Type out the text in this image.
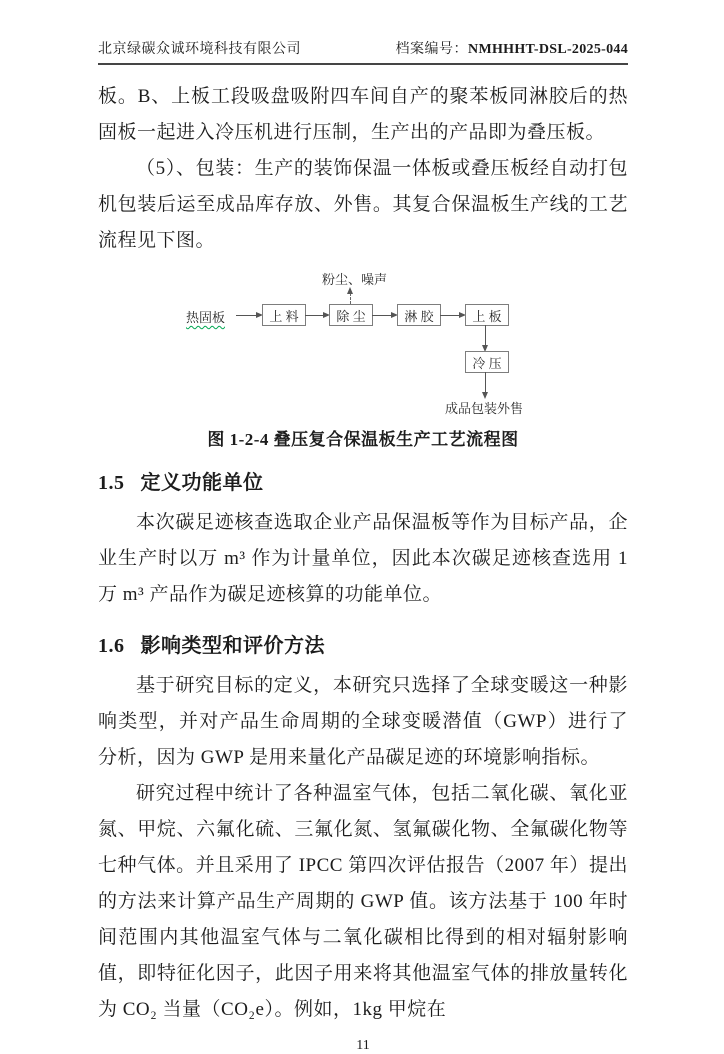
北京绿碳众诚环境科技有限公司	档案编号：NMHHHT-DSL-2025-044

板。B、上板工段吸盘吸附四车间自产的聚苯板同淋胶后的热固板一起进入冷压机进行压制，生产出的产品即为叠压板。

（5）、包装：生产的装饰保温一体板或叠压板经自动打包机包装后运至成品库存放、外售。其复合保温板生产线的工艺流程见下图。

粉尘、噪声
热固板	上 料	除 尘	淋 胶	上 板
冷 压
成品包装外售
图 1-2-4 叠压复合保温板生产工艺流程图
1.5 定义功能单位

本次碳足迹核查选取企业产品保温板等作为目标产品，企业生产时以万 m³ 作为计量单位，因此本次碳足迹核查选用 1 万 m³ 产品作为碳足迹核算的功能单位。

1.6 影响类型和评价方法

基于研究目标的定义，本研究只选择了全球变暖这一种影响类型，并对产品生命周期的全球变暖潜值（GWP）进行了分析，因为 GWP 是用来量化产品碳足迹的环境影响指标。

研究过程中统计了各种温室气体，包括二氧化碳、氧化亚氮、甲烷、六氟化硫、三氟化氮、氢氟碳化物、全氟碳化物等七种气体。并且采用了 IPCC 第四次评估报告（2007 年）提出的方法来计算产品生产周期的 GWP 值。该方法基于 100 年时间范围内其他温室气体与二氧化碳相比得到的相对辐射影响值，即特征化因子，此因子用来将其他温室气体的排放量转化为 CO₂ 当量（CO₂e）。例如，1kg 甲烷在

11
